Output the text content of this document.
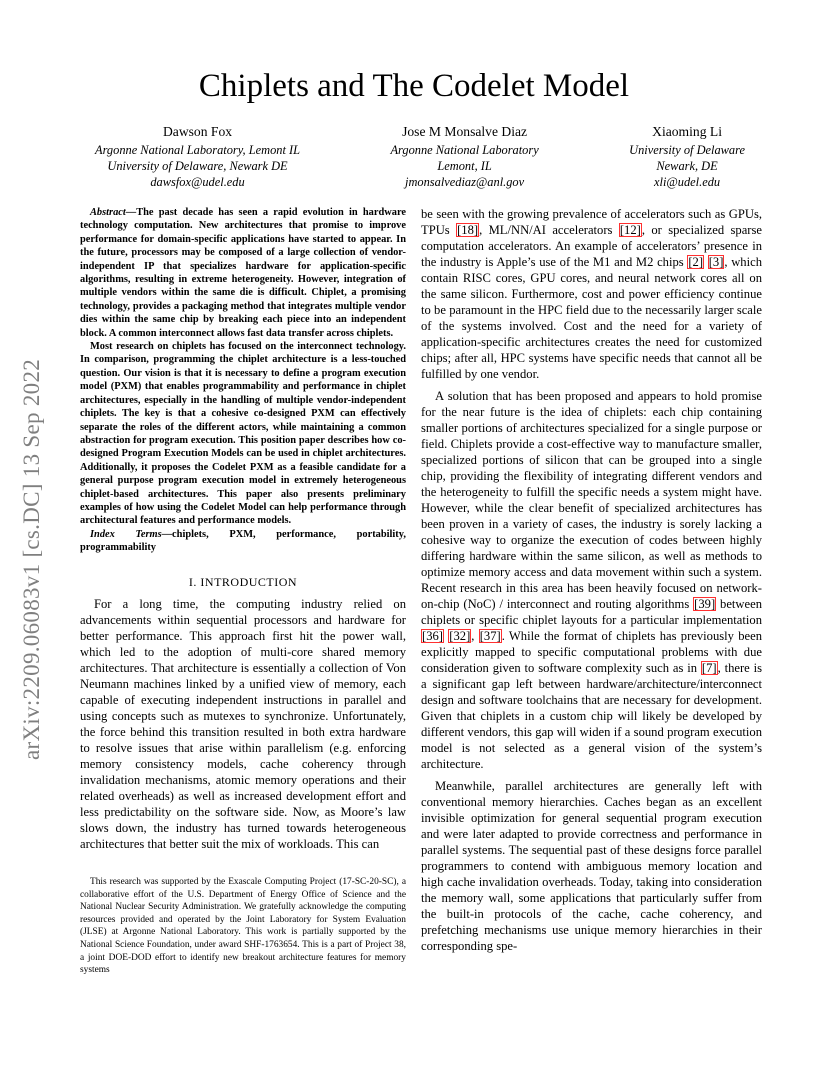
arXiv:2209.06083v1 [cs.DC] 13 Sep 2022
Chiplets and The Codelet Model
Dawson Fox
Argonne National Laboratory, Lemont IL
University of Delaware, Newark DE
dawsfox@udel.edu
Jose M Monsalve Diaz
Argonne National Laboratory
Lemont, IL
jmonsalvediaz@anl.gov
Xiaoming Li
University of Delaware
Newark, DE
xli@udel.edu

Abstract—The past decade has seen a rapid evolution in hardware technology computation. New architectures that promise to improve performance for domain-specific applications have started to appear. In the future, processors may be composed of a large collection of vendor-independent IP that specializes hardware for application-specific algorithms, resulting in extreme heterogeneity. However, integration of multiple vendors within the same die is difficult. Chiplet, a promising technology, provides a packaging method that integrates multiple vendor dies within the same chip by breaking each piece into an independent block. A common interconnect allows fast data transfer across chiplets.

Most research on chiplets has focused on the interconnect technology. In comparison, programming the chiplet architecture is a less-touched question. Our vision is that it is necessary to define a program execution model (PXM) that enables programmability and performance in chiplet architectures, especially in the handling of multiple vendor-independent chiplets. The key is that a cohesive co-designed PXM can effectively separate the roles of the different actors, while maintaining a common abstraction for program execution. This position paper describes how co-designed Program Execution Models can be used in chiplet architectures. Additionally, it proposes the Codelet PXM as a feasible candidate for a general purpose program execution model in extremely heterogeneous chiplet-based architectures. This paper also presents preliminary examples of how using the Codelet Model can help performance through architectural features and performance models.

Index Terms—chiplets, PXM, performance, portability, programmability

I. INTRODUCTION

For a long time, the computing industry relied on advancements within sequential processors and hardware for better performance. This approach first hit the power wall, which led to the adoption of multi-core shared memory architectures. That architecture is essentially a collection of Von Neumann machines linked by a unified view of memory, each capable of executing independent instructions in parallel and using concepts such as mutexes to synchronize. Unfortunately, the force behind this transition resulted in both extra hardware to resolve issues that arise within parallelism (e.g. enforcing memory consistency models, cache coherency through invalidation mechanisms, atomic memory operations and their related overheads) as well as increased development effort and less predictability on the software side. Now, as Moore’s law slows down, the industry has turned towards heterogeneous architectures that better suit the mix of workloads. This can

This research was supported by the Exascale Computing Project (17-SC-20-SC), a collaborative effort of the U.S. Department of Energy Office of Science and the National Nuclear Security Administration. We gratefully acknowledge the computing resources provided and operated by the Joint Laboratory for System Evaluation (JLSE) at Argonne National Laboratory. This work is partially supported by the National Science Foundation, under award SHF-1763654. This is a part of Project 38, a joint DOE-DOD effort to identify new breakout architecture features for memory systems

be seen with the growing prevalence of accelerators such as GPUs, TPUs [18], ML/NN/AI accelerators [12], or specialized sparse computation accelerators. An example of accelerators’ presence in the industry is Apple’s use of the M1 and M2 chips [2] [3], which contain RISC cores, GPU cores, and neural network cores all on the same silicon. Furthermore, cost and power efficiency continue to be paramount in the HPC field due to the necessarily larger scale of the systems involved. Cost and the need for a variety of application-specific architectures creates the need for customized chips; after all, HPC systems have specific needs that cannot all be fulfilled by one vendor.

A solution that has been proposed and appears to hold promise for the near future is the idea of chiplets: each chip containing smaller portions of architectures specialized for a single purpose or field. Chiplets provide a cost-effective way to manufacture smaller, specialized portions of silicon that can be grouped into a single chip, providing the flexibility of integrating different vendors and the heterogeneity to fulfill the specific needs a system might have. However, while the clear benefit of specialized architectures has been proven in a variety of cases, the industry is sorely lacking a cohesive way to organize the execution of codes between highly differing hardware within the same silicon, as well as methods to optimize memory access and data movement within such a system. Recent research in this area has been heavily focused on network-on-chip (NoC) / interconnect and routing algorithms [39] between chiplets or specific chiplet layouts for a particular implementation [36] [32], [37]. While the format of chiplets has previously been explicitly mapped to specific computational problems with due consideration given to software complexity such as in [7], there is a significant gap left between hardware/architecture/interconnect design and software toolchains that are necessary for development. Given that chiplets in a custom chip will likely be developed by different vendors, this gap will widen if a sound program execution model is not selected as a general vision of the system’s architecture.

Meanwhile, parallel architectures are generally left with conventional memory hierarchies. Caches began as an excellent invisible optimization for general sequential program execution and were later adapted to provide correctness and performance in parallel systems. The sequential past of these designs force parallel programmers to contend with ambiguous memory location and high cache invalidation overheads. Today, taking into consideration the memory wall, some applications that particularly suffer from the built-in protocols of the cache, cache coherency, and prefetching mechanisms use unique memory hierarchies in their corresponding spe-
